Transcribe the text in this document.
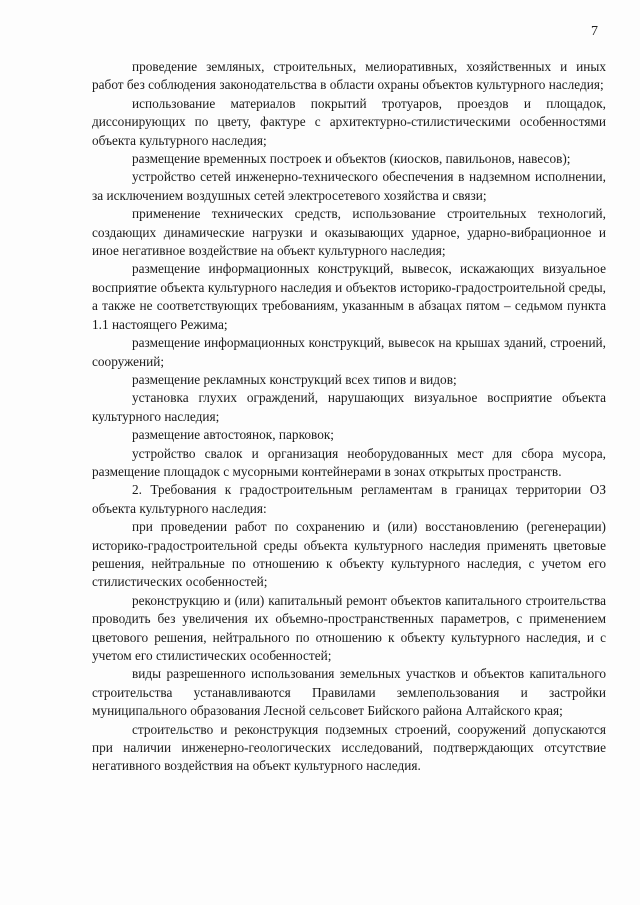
7

проведение земляных, строительных, мелиоративных, хозяйственных и иных работ без соблюдения законодательства в области охраны объектов культурного наследия;

использование материалов покрытий тротуаров, проездов и площадок, диссонирующих по цвету, фактуре с архитектурно-стилистическими особенностями объекта культурного наследия;

размещение временных построек и объектов (киосков, павильонов, навесов);

устройство сетей инженерно-технического обеспечения в надземном исполнении, за исключением воздушных сетей электросетевого хозяйства и связи;

применение технических средств, использование строительных технологий, создающих динамические нагрузки и оказывающих ударное, ударно-вибрационное и иное негативное воздействие на объект культурного наследия;

размещение информационных конструкций, вывесок, искажающих визуальное восприятие объекта культурного наследия и объектов историко-градостроительной среды, а также не соответствующих требованиям, указанным в абзацах пятом – седьмом пункта 1.1 настоящего Режима;

размещение информационных конструкций, вывесок на крышах зданий, строений, сооружений;

размещение рекламных конструкций всех типов и видов;

установка глухих ограждений, нарушающих визуальное восприятие объекта культурного наследия;

размещение автостоянок, парковок;

устройство свалок и организация необорудованных мест для сбора мусора, размещение площадок с мусорными контейнерами в зонах открытых пространств.

2. Требования к градостроительным регламентам в границах территории ОЗ объекта культурного наследия:

при проведении работ по сохранению и (или) восстановлению (регенерации) историко-градостроительной среды объекта культурного наследия применять цветовые решения, нейтральные по отношению к объекту культурного наследия, с учетом его стилистических особенностей;

реконструкцию и (или) капитальный ремонт объектов капитального строительства проводить без увеличения их объемно-пространственных параметров, с применением цветового решения, нейтрального по отношению к объекту культурного наследия, и с учетом его стилистических особенностей;

виды разрешенного использования земельных участков и объектов капитального строительства устанавливаются Правилами землепользования и застройки муниципального образования Лесной сельсовет Бийского района Алтайского края;

строительство и реконструкция подземных строений, сооружений допускаются при наличии инженерно-геологических исследований, подтверждающих отсутствие негативного воздействия на объект культурного наследия.
